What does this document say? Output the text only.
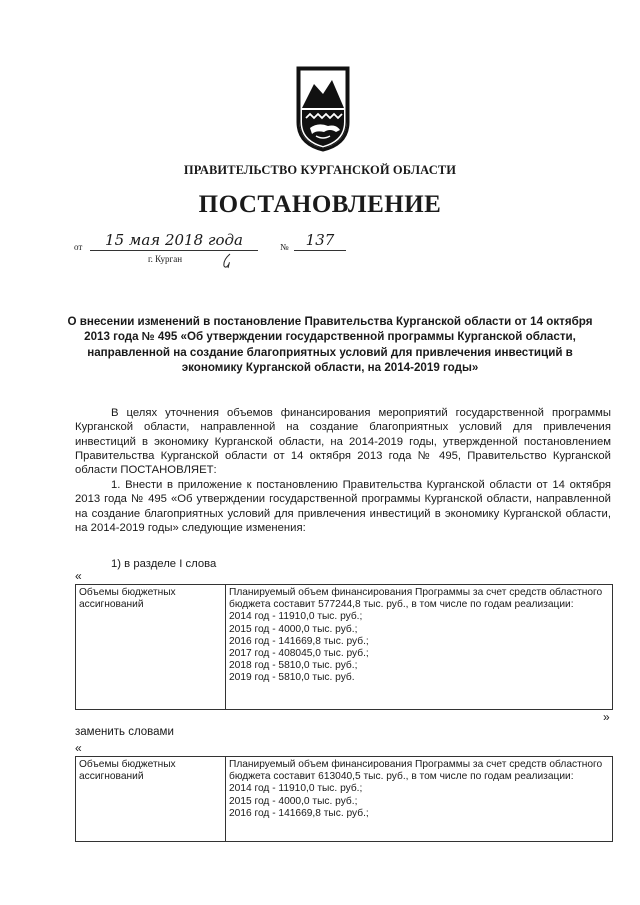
ПРАВИТЕЛЬСТВО КУРГАНСКОЙ ОБЛАСТИ
ПОСТАНОВЛЕНИЕ
от	15 мая 2018 года	№	137
г. Курган
О внесении изменений в постановление Правительства Курганской области от 14 октября 2013 года № 495 «Об утверждении государственной программы Курганской области, направленной на создание благоприятных условий для привлечения инвестиций в экономику Курганской области, на 2014-2019 годы»

В целях уточнения объемов финансирования мероприятий государственной программы Курганской области, направленной на создание благоприятных условий для привлечения инвестиций в экономику Курганской области, на 2014-2019 годы, утвержденной постановлением Правительства Курганской области от 14 октября 2013 года № 495, Правительство Курганской области ПОСТАНОВЛЯЕТ:

1. Внести в приложение к постановлению Правительства Курганской области от 14 октября 2013 года № 495 «Об утверждении государственной программы Курганской области, направленной на создание благоприятных условий для привлечения инвестиций в экономику Курганской области, на 2014-2019 годы» следующие изменения:

1) в разделе I слова

«
Объемы бюджетных ассигнований	
Планируемый объем финансирования Программы за счет средств областного бюджета составит 577244,8 тыс. руб., в том числе по годам реализации:
2014 год - 11910,0 тыс. руб.;
2015 год - 4000,0 тыс. руб.;
2016 год - 141669,8 тыс. руб.;
2017 год - 408045,0 тыс. руб.;
2018 год - 5810,0 тыс. руб.;
2019 год - 5810,0 тыс. руб.
»
заменить словами
«
Объемы бюджетных ассигнований	
Планируемый объем финансирования Программы за счет средств областного бюджета составит 613040,5 тыс. руб., в том числе по годам реализации:
2014 год - 11910,0 тыс. руб.;
2015 год - 4000,0 тыс. руб.;
2016 год - 141669,8 тыс. руб.;
